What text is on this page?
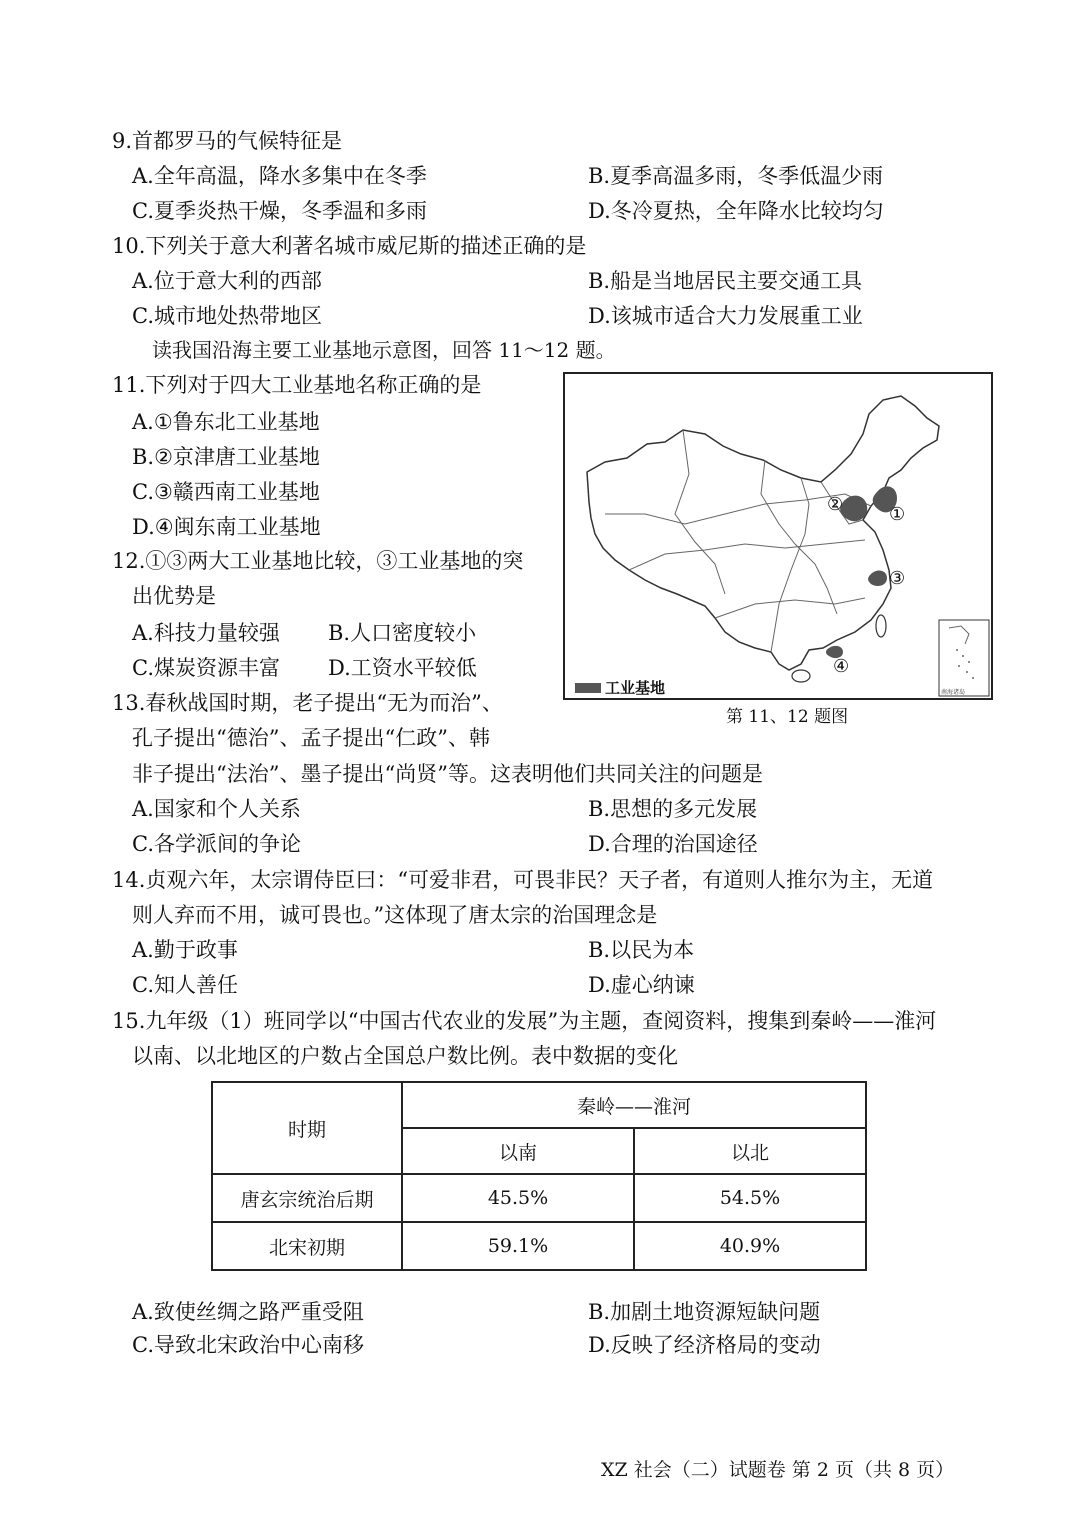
9.首都罗马的气候特征是
A.全年高温，降水多集中在冬季	B.夏季高温多雨，冬季低温少雨
C.夏季炎热干燥，冬季温和多雨	D.冬冷夏热，全年降水比较均匀
10.下列关于意大利著名城市威尼斯的描述正确的是
A.位于意大利的西部	B.船是当地居民主要交通工具
C.城市地处热带地区	D.该城市适合大力发展重工业
读我国沿海主要工业基地示意图，回答 11～12 题。
11.下列对于四大工业基地名称正确的是
A.①鲁东北工业基地
B.②京津唐工业基地
C.③赣西南工业基地
D.④闽东南工业基地
12.①③两大工业基地比较，③工业基地的突
出优势是
A.科技力量较强 B.人口密度较小
C.煤炭资源丰富 D.工资水平较低
②	①
③
④
南海诸岛
工业基地
第 11、12 题图
13.春秋战国时期，老子提出“无为而治”、
孔子提出“德治”、孟子提出“仁政”、韩
非子提出“法治”、墨子提出“尚贤”等。这表明他们共同关注的问题是
A.国家和个人关系	B.思想的多元发展
C.各学派间的争论	D.合理的治国途径
14.贞观六年，太宗谓侍臣曰：“可爱非君，可畏非民？天子者，有道则人推尔为主，无道
则人弃而不用，诚可畏也。”这体现了唐太宗的治国理念是
A.勤于政事	B.以民为本
C.知人善任	D.虚心纳谏
15.九年级（1）班同学以“中国古代农业的发展”为主题，查阅资料，搜集到秦岭——淮河
以南、以北地区的户数占全国总户数比例。表中数据的变化
时期	秦岭——淮河	
	以南	以北
唐玄宗统治后期	45.5%	54.5%
北宋初期	59.1%	40.9%
A.致使丝绸之路严重受阻	B.加剧土地资源短缺问题
C.导致北宋政治中心南移	D.反映了经济格局的变动
XZ 社会（二）试题卷 第 2 页（共 8 页）
